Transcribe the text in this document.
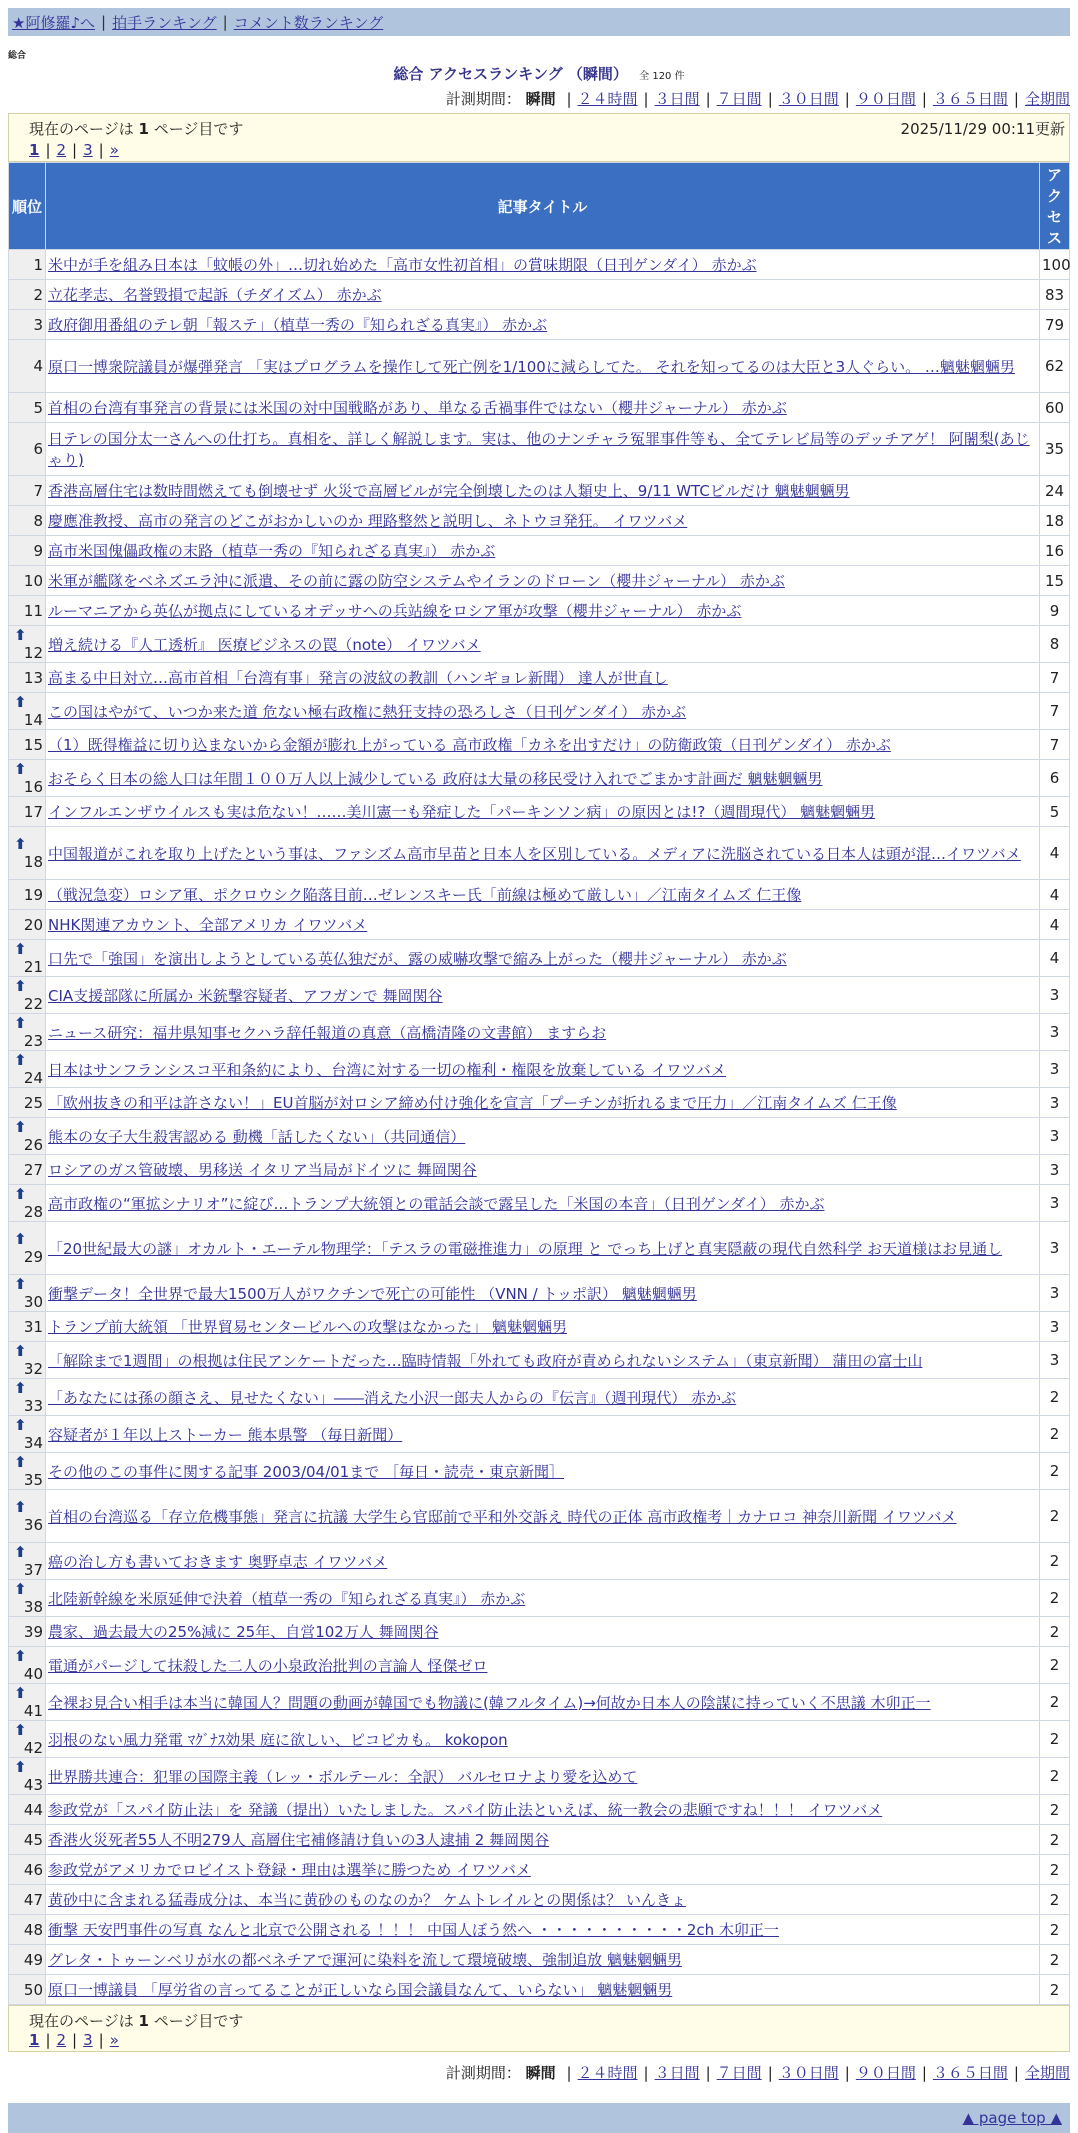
★阿修羅♪へ | 拍手ランキング | コメント数ランキング
総合
総合 アクセスランキング （瞬間） 全 120 件
計測期間： 瞬間 | ２４時間 | ３日間 | ７日間 | ３０日間 | ９０日間 | ３６５日間 | 全期間
現在のページは 1 ページ目です	2025/11/29 00:11更新
1 | 2 | 3 | »
順位	記事タイトル	アクセス
1	米中が手を組み日本は「蚊帳の外」…切れ始めた「高市女性初首相」の賞味期限（日刊ゲンダイ） 赤かぶ	100
2	立花孝志、名誉毀損で起訴（チダイズム） 赤かぶ	83
3	政府御用番組のテレ朝「報ステ」（植草一秀の『知られざる真実』） 赤かぶ	79
4	原口一博衆院議員が爆弾発言 「実はプログラムを操作して死亡例を1/100に減らしてた。 それを知ってるのは大臣と3人ぐらい。 …魑魅魍魎男	62
5	首相の台湾有事発言の背景には米国の対中国戦略があり、単なる舌禍事件ではない（櫻井ジャーナル） 赤かぶ	60
6	日テレの国分太一さんへの仕打ち。真相を、詳しく解説します。実は、他のナンチャラ冤罪事件等も、全てテレビ局等のデッチアゲ！ 阿闍梨(あじゃり)	35
7	香港高層住宅は数時間燃えても倒壊せず 火災で高層ビルが完全倒壊したのは人類史上、9/11 WTCビルだけ 魑魅魍魎男	24
8	慶應准教授、高市の発言のどこがおかしいのか 理路整然と説明し、ネトウヨ発狂。 イワツバメ	18
9	高市米国傀儡政権の末路（植草一秀の『知られざる真実』） 赤かぶ	16
10	米軍が艦隊をベネズエラ沖に派遣、その前に露の防空システムやイランのドローン（櫻井ジャーナル） 赤かぶ	15
11	ルーマニアから英仏が拠点にしているオデッサへの兵站線をロシア軍が攻撃（櫻井ジャーナル） 赤かぶ	9

⬆
12	増え続ける『人工透析』 医療ビジネスの罠（note） イワツバメ	8
13	高まる中日対立…高市首相「台湾有事」発言の波紋の教訓（ハンギョレ新聞） 達人が世直し	7

⬆
14	この国はやがて、いつか来た道 危ない極右政権に熱狂支持の恐ろしさ（日刊ゲンダイ） 赤かぶ	7
15	（1）既得権益に切り込まないから金額が膨れ上がっている 高市政権「カネを出すだけ」の防衛政策（日刊ゲンダイ） 赤かぶ	7

⬆
16	おそらく日本の総人口は年間１００万人以上減少している 政府は大量の移民受け入れでごまかす計画だ 魑魅魍魎男	6
17	インフルエンザウイルスも実は危ない！……美川憲一も発症した「パーキンソン病」の原因とは!?（週間現代） 魑魅魍魎男	5

⬆
18	中国報道がこれを取り上げたという事は、ファシズム高市早苗と日本人を区別している。メディアに洗脳されている日本人は頭が混…イワツバメ	4
19	（戦況急変）ロシア軍、ポクロウシク陥落目前…ゼレンスキー氏「前線は極めて厳しい」／江南タイムズ 仁王像	4
20	NHK関連アカウント、全部アメリカ イワツバメ	4

⬆
21	口先で「強国」を演出しようとしている英仏独だが、露の威嚇攻撃で縮み上がった（櫻井ジャーナル） 赤かぶ	4

⬆
22	CIA支援部隊に所属か 米銃撃容疑者、アフガンで 舞岡関谷	3

⬆
23	ニュース研究：福井県知事セクハラ辞任報道の真意（高橋清隆の文書館） ますらお	3

⬆
24	日本はサンフランシスコ平和条約により、台湾に対する一切の権利・権限を放棄している イワツバメ	3
25	「欧州抜きの和平は許さない！」EU首脳が対ロシア締め付け強化を宣言「プーチンが折れるまで圧力」／江南タイムズ 仁王像	3

⬆
26	熊本の女子大生殺害認める 動機「話したくない」（共同通信）	3
27	ロシアのガス管破壊、男移送 イタリア当局がドイツに 舞岡関谷	3

⬆
28	高市政権の“軍拡シナリオ”に綻び…トランプ大統領との電話会談で露呈した「米国の本音」（日刊ゲンダイ） 赤かぶ	3

⬆
29	「20世紀最大の謎」オカルト・エーテル物理学：「テスラの電磁推進力」の原理 と でっち上げと真実隠蔽の現代自然科学 お天道様はお見通し	3

⬆
30	衝撃データ！全世界で最大1500万人がワクチンで死亡の可能性 （VNN / トッポ訳） 魑魅魍魎男	3
31	トランプ前大統領 「世界貿易センタービルへの攻撃はなかった」 魑魅魍魎男	3

⬆
32	「解除まで1週間」の根拠は住民アンケートだった…臨時情報「外れても政府が責められないシステム」（東京新聞） 蒲田の富士山	3

⬆
33	「あなたには孫の顔さえ、見せたくない」――消えた小沢一郎夫人からの『伝言』（週刊現代） 赤かぶ	2

⬆
34	容疑者が１年以上ストーカー 熊本県警 （毎日新聞）	2

⬆
35	その他のこの事件に関する記事 2003/04/01まで ［毎日・読売・東京新聞］	2

⬆
36	首相の台湾巡る「存立危機事態」発言に抗議 大学生ら官邸前で平和外交訴え 時代の正体 高市政権考｜カナロコ 神奈川新聞 イワツバメ	2

⬆
37	癌の治し方も書いておきます 奥野卓志 イワツバメ	2

⬆
38	北陸新幹線を米原延伸で決着（植草一秀の『知られざる真実』） 赤かぶ	2
39	農家、過去最大の25%減に 25年、自営102万人 舞岡関谷	2

⬆
40	電通がパージして抹殺した二人の小泉政治批判の言論人 怪傑ゼロ	2

⬆
41	全裸お見合い相手は本当に韓国人？問題の動画が韓国でも物議に(韓フルタイム)→何故か日本人の陰謀に持っていく不思議 木卯正一	2

⬆
42	羽根のない風力発電 ﾏｸﾞﾅｽ効果 庭に欲しい、ピコピカも。 kokopon	2

⬆
43	世界勝共連合：犯罪の国際主義（レッ・ボルテール：全訳） バルセロナより愛を込めて	2
44	参政党が「スパイ防止法」を 発議（提出）いたしました。スパイ防止法といえば、統一教会の悲願ですね！！！ イワツバメ	2
45	香港火災死者55人不明279人 高層住宅補修請け負いの3人逮捕 2 舞岡関谷	2
46	参政党がアメリカでロビイスト登録・理由は選挙に勝つため イワツバメ	2
47	黄砂中に含まれる猛毒成分は、本当に黄砂のものなのか？ ケムトレイルとの関係は？ いんきょ	2
48	衝撃 天安門事件の写真 なんと北京で公開される ！！！ 中国人ぼう然へ ・・・・・・・・・・2ch 木卯正一	2
49	グレタ・トゥーンベリが水の都ベネチアで運河に染料を流して環境破壊、強制追放 魑魅魍魎男	2
50	原口一博議員 「厚労省の言ってることが正しいなら国会議員なんて、いらない」 魑魅魍魎男	2
現在のページは 1 ページ目です
1 | 2 | 3 | »
計測期間： 瞬間 | ２４時間 | ３日間 | ７日間 | ３０日間 | ９０日間 | ３６５日間 | 全期間
▲ page top ▲
